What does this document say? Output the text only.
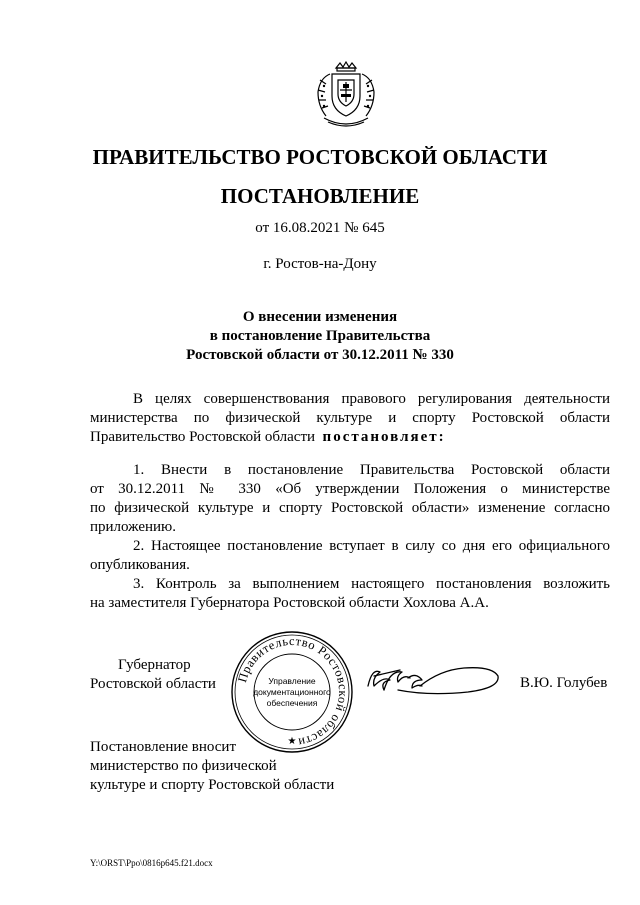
ПРАВИТЕЛЬСТВО РОСТОВСКОЙ ОБЛАСТИ
ПОСТАНОВЛЕНИЕ
от 16.08.2021 № 645
г. Ростов-на-Дону
О внесении изменения
в постановление Правительства
Ростовской области от 30.12.2011 № 330
В целях совершенствования правового регулирования деятельности
министерства по физической культуре и спорту Ростовской области
Правительство Ростовской области постановляет:
1. Внести в постановление Правительства Ростовской области
от 30.12.2011 № 330 «Об утверждении Положения о министерстве
по физической культуре и спорту Ростовской области» изменение согласно
приложению.
2. Настоящее постановление вступает в силу со дня его официального
опубликования.
3. Контроль за выполнением настоящего постановления возложить
на заместителя Губернатора Ростовской области Хохлова А.А.
Губернатор
Ростовской области Правительство Ростовской области
Управление
документационного
обеспечения
★
В.Ю. Голубев
Постановление вносит
министерство по физической
культуре и спорту Ростовской области
Y:\ORST\Ppo\0816p645.f21.docx
